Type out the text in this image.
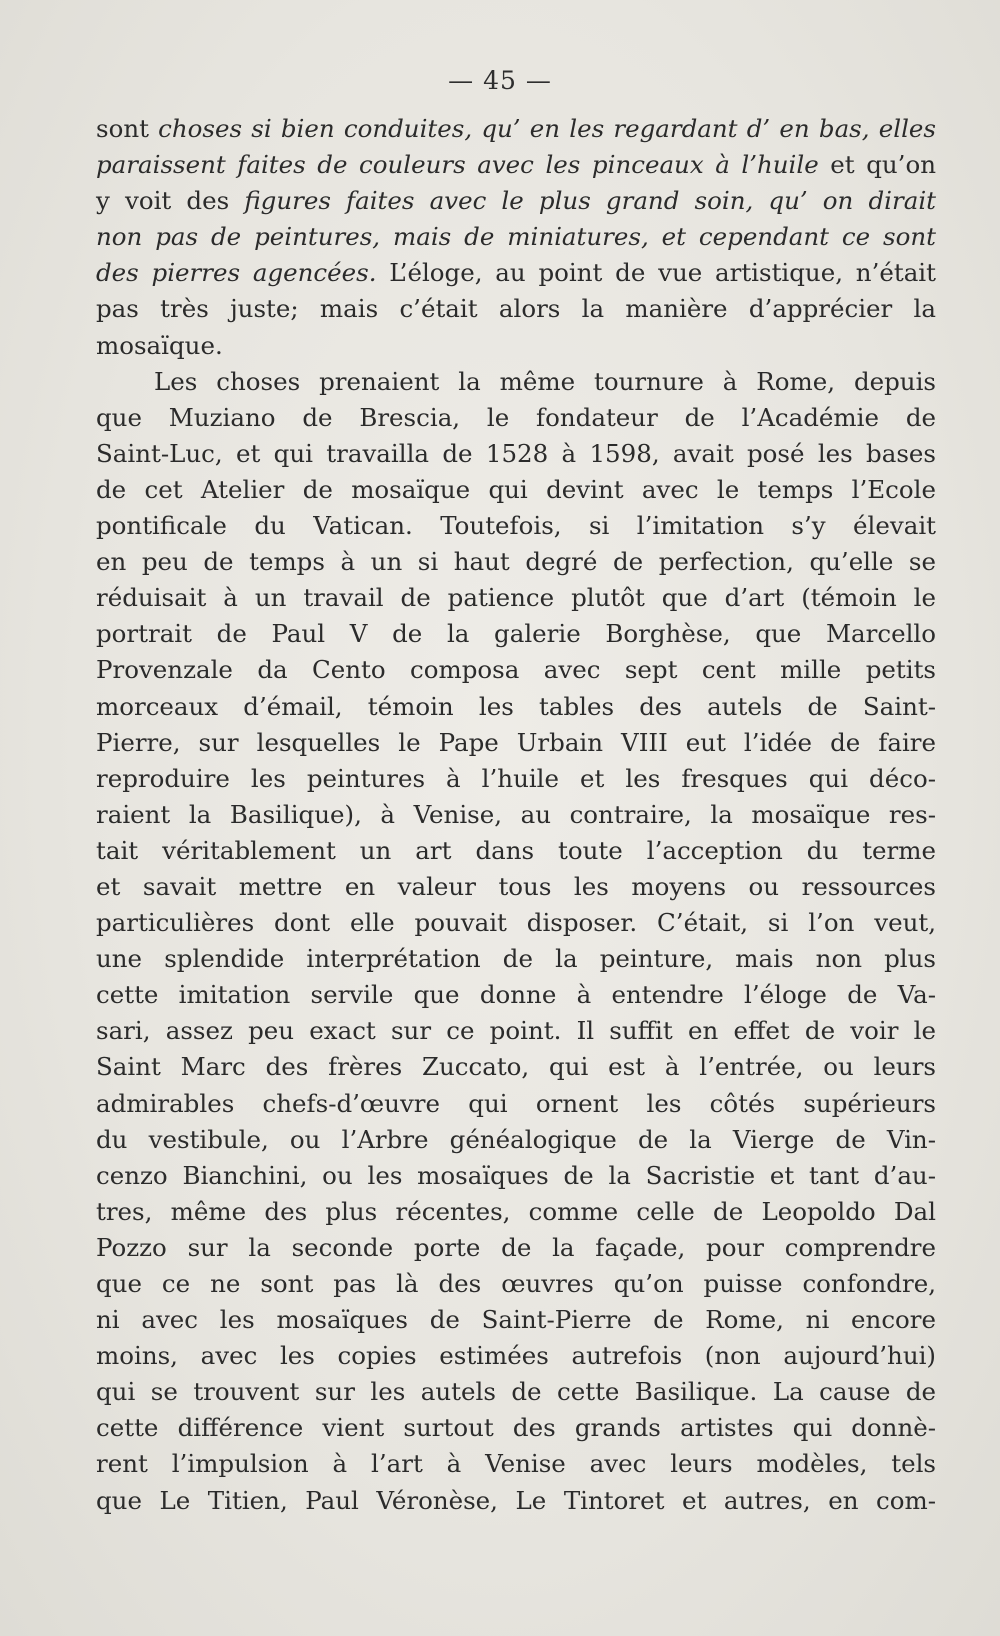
— 45 —
sont choses si bien conduites, qu’ en les regardant d’ en bas, elles
paraissent faites de couleurs avec les pinceaux à l’huile et qu’on
y voit des figures faites avec le plus grand soin, qu’ on dirait
non pas de peintures, mais de miniatures, et cependant ce sont
des pierres agencées. L’éloge, au point de vue artistique, n’était
pas très juste; mais c’était alors la manière d’apprécier la
mosaïque.
Les choses prenaient la même tournure à Rome, depuis
que Muziano de Brescia, le fondateur de l’Académie de
Saint-Luc, et qui travailla de 1528 à 1598, avait posé les bases
de cet Atelier de mosaïque qui devint avec le temps l’Ecole
pontificale du Vatican. Toutefois, si l’imitation s’y élevait
en peu de temps à un si haut degré de perfection, qu’elle se
réduisait à un travail de patience plutôt que d’art (témoin le
portrait de Paul V de la galerie Borghèse, que Marcello
Provenzale da Cento composa avec sept cent mille petits
morceaux d’émail, témoin les tables des autels de Saint-
Pierre, sur lesquelles le Pape Urbain VIII eut l’idée de faire
reproduire les peintures à l’huile et les fresques qui déco-
raient la Basilique), à Venise, au contraire, la mosaïque res-
tait véritablement un art dans toute l’acception du terme
et savait mettre en valeur tous les moyens ou ressources
particulières dont elle pouvait disposer. C’était, si l’on veut,
une splendide interprétation de la peinture, mais non plus
cette imitation servile que donne à entendre l’éloge de Va-
sari, assez peu exact sur ce point. Il suffit en effet de voir le
Saint Marc des frères Zuccato, qui est à l’entrée, ou leurs
admirables chefs-d’œuvre qui ornent les côtés supérieurs
du vestibule, ou l’Arbre généalogique de la Vierge de Vin-
cenzo Bianchini, ou les mosaïques de la Sacristie et tant d’au-
tres, même des plus récentes, comme celle de Leopoldo Dal
Pozzo sur la seconde porte de la façade, pour comprendre
que ce ne sont pas là des œuvres qu’on puisse confondre,
ni avec les mosaïques de Saint-Pierre de Rome, ni encore
moins, avec les copies estimées autrefois (non aujourd’hui)
qui se trouvent sur les autels de cette Basilique. La cause de
cette différence vient surtout des grands artistes qui donnè-
rent l’impulsion à l’art à Venise avec leurs modèles, tels
que Le Titien, Paul Véronèse, Le Tintoret et autres, en com-
